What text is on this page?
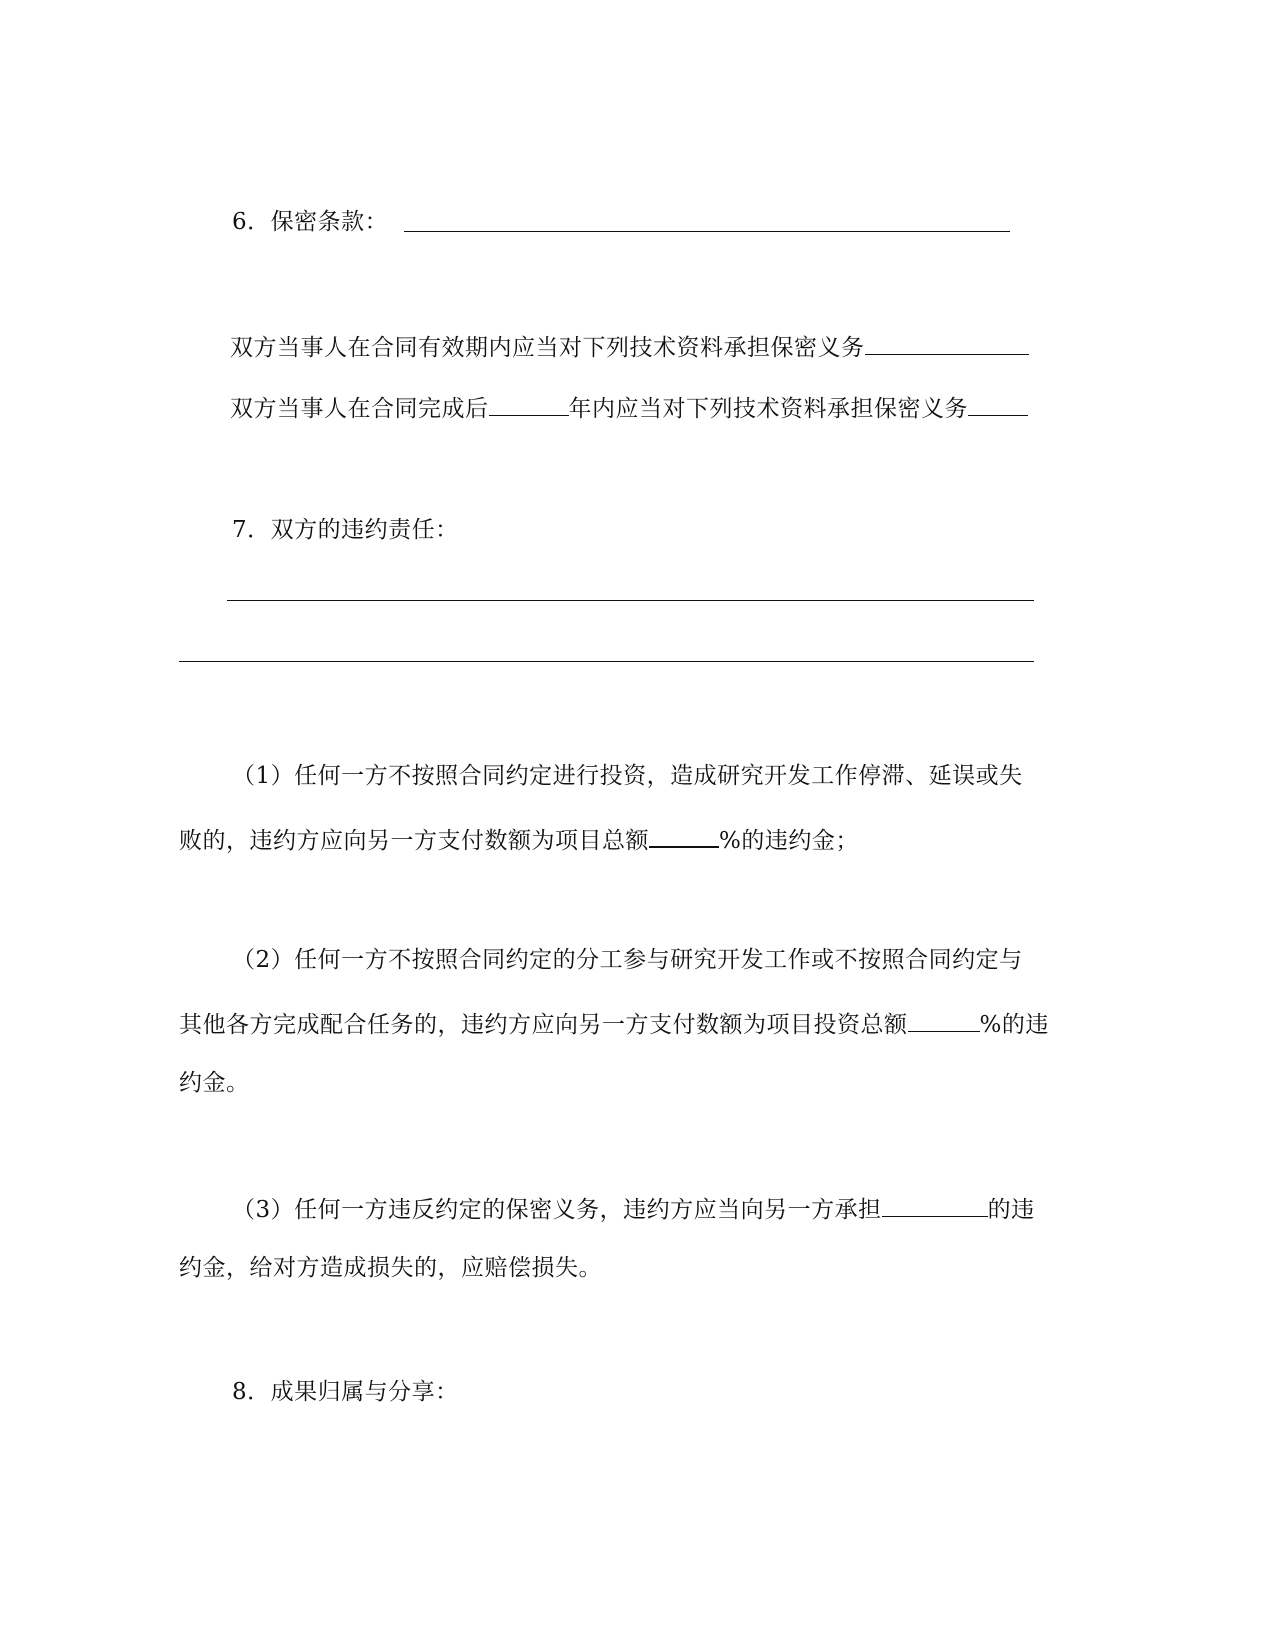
6．保密条款：
双方当事人在合同有效期内应当对下列技术资料承担保密义务
双方当事人在合同完成后	年内应当对下列技术资料承担保密义务
7．双方的违约责任：
（1）任何一方不按照合同约定进行投资，造成研究开发工作停滞、延误或失
败的，违约方应向另一方支付数额为项目总额	%的违约金；
（2）任何一方不按照合同约定的分工参与研究开发工作或不按照合同约定与
其他各方完成配合任务的，违约方应向另一方支付数额为项目投资总额	%的违
约金。
（3）任何一方违反约定的保密义务，违约方应当向另一方承担	的违
约金，给对方造成损失的，应赔偿损失。
8．成果归属与分享：
